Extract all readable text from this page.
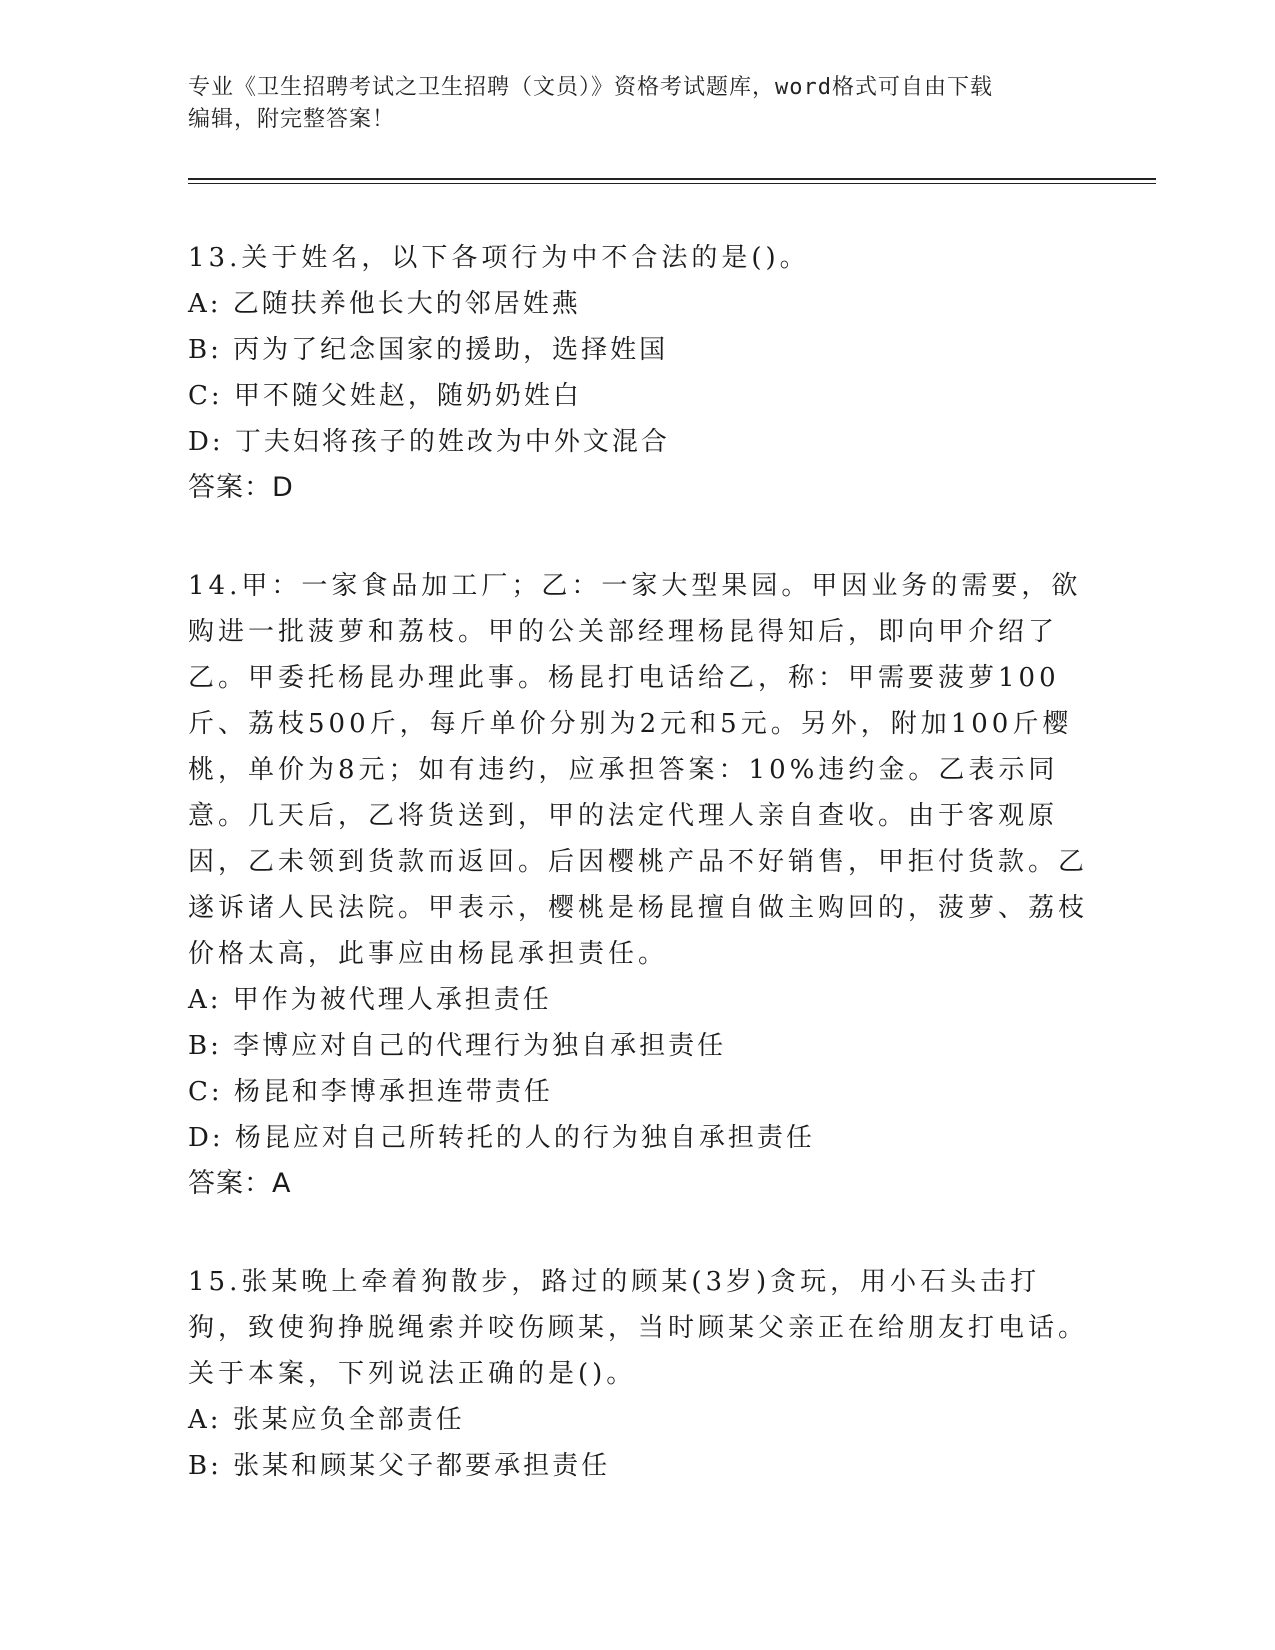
专业《卫生招聘考试之卫生招聘（文员）》资格考试题库，word格式可自由下载
编辑，附完整答案！
13.关于姓名，以下各项行为中不合法的是()。
A: 乙随扶养他长大的邻居姓燕
B: 丙为了纪念国家的援助，选择姓国
C: 甲不随父姓赵，随奶奶姓白
D: 丁夫妇将孩子的姓改为中外文混合
答案：D
14.甲：一家食品加工厂；乙：一家大型果园。甲因业务的需要，欲购进一批菠萝和荔枝。甲的公关部经理杨昆得知后，即向甲介绍了乙。甲委托杨昆办理此事。杨昆打电话给乙，称：甲需要菠萝100斤、荔枝500斤，每斤单价分别为2元和5元。另外，附加100斤樱桃，单价为8元；如有违约，应承担答案：10%违约金。乙表示同意。几天后，乙将货送到，甲的法定代理人亲自查收。由于客观原因，乙未领到货款而返回。后因樱桃产品不好销售，甲拒付货款。乙遂诉诸人民法院。甲表示，樱桃是杨昆擅自做主购回的，菠萝、荔枝价格太高，此事应由杨昆承担责任。
A: 甲作为被代理人承担责任
B: 李博应对自己的代理行为独自承担责任
C: 杨昆和李博承担连带责任
D: 杨昆应对自己所转托的人的行为独自承担责任
答案：A
15.张某晚上牵着狗散步，路过的顾某(3岁)贪玩，用小石头击打狗，致使狗挣脱绳索并咬伤顾某，当时顾某父亲正在给朋友打电话。关于本案，下列说法正确的是()。
A: 张某应负全部责任
B: 张某和顾某父子都要承担责任
